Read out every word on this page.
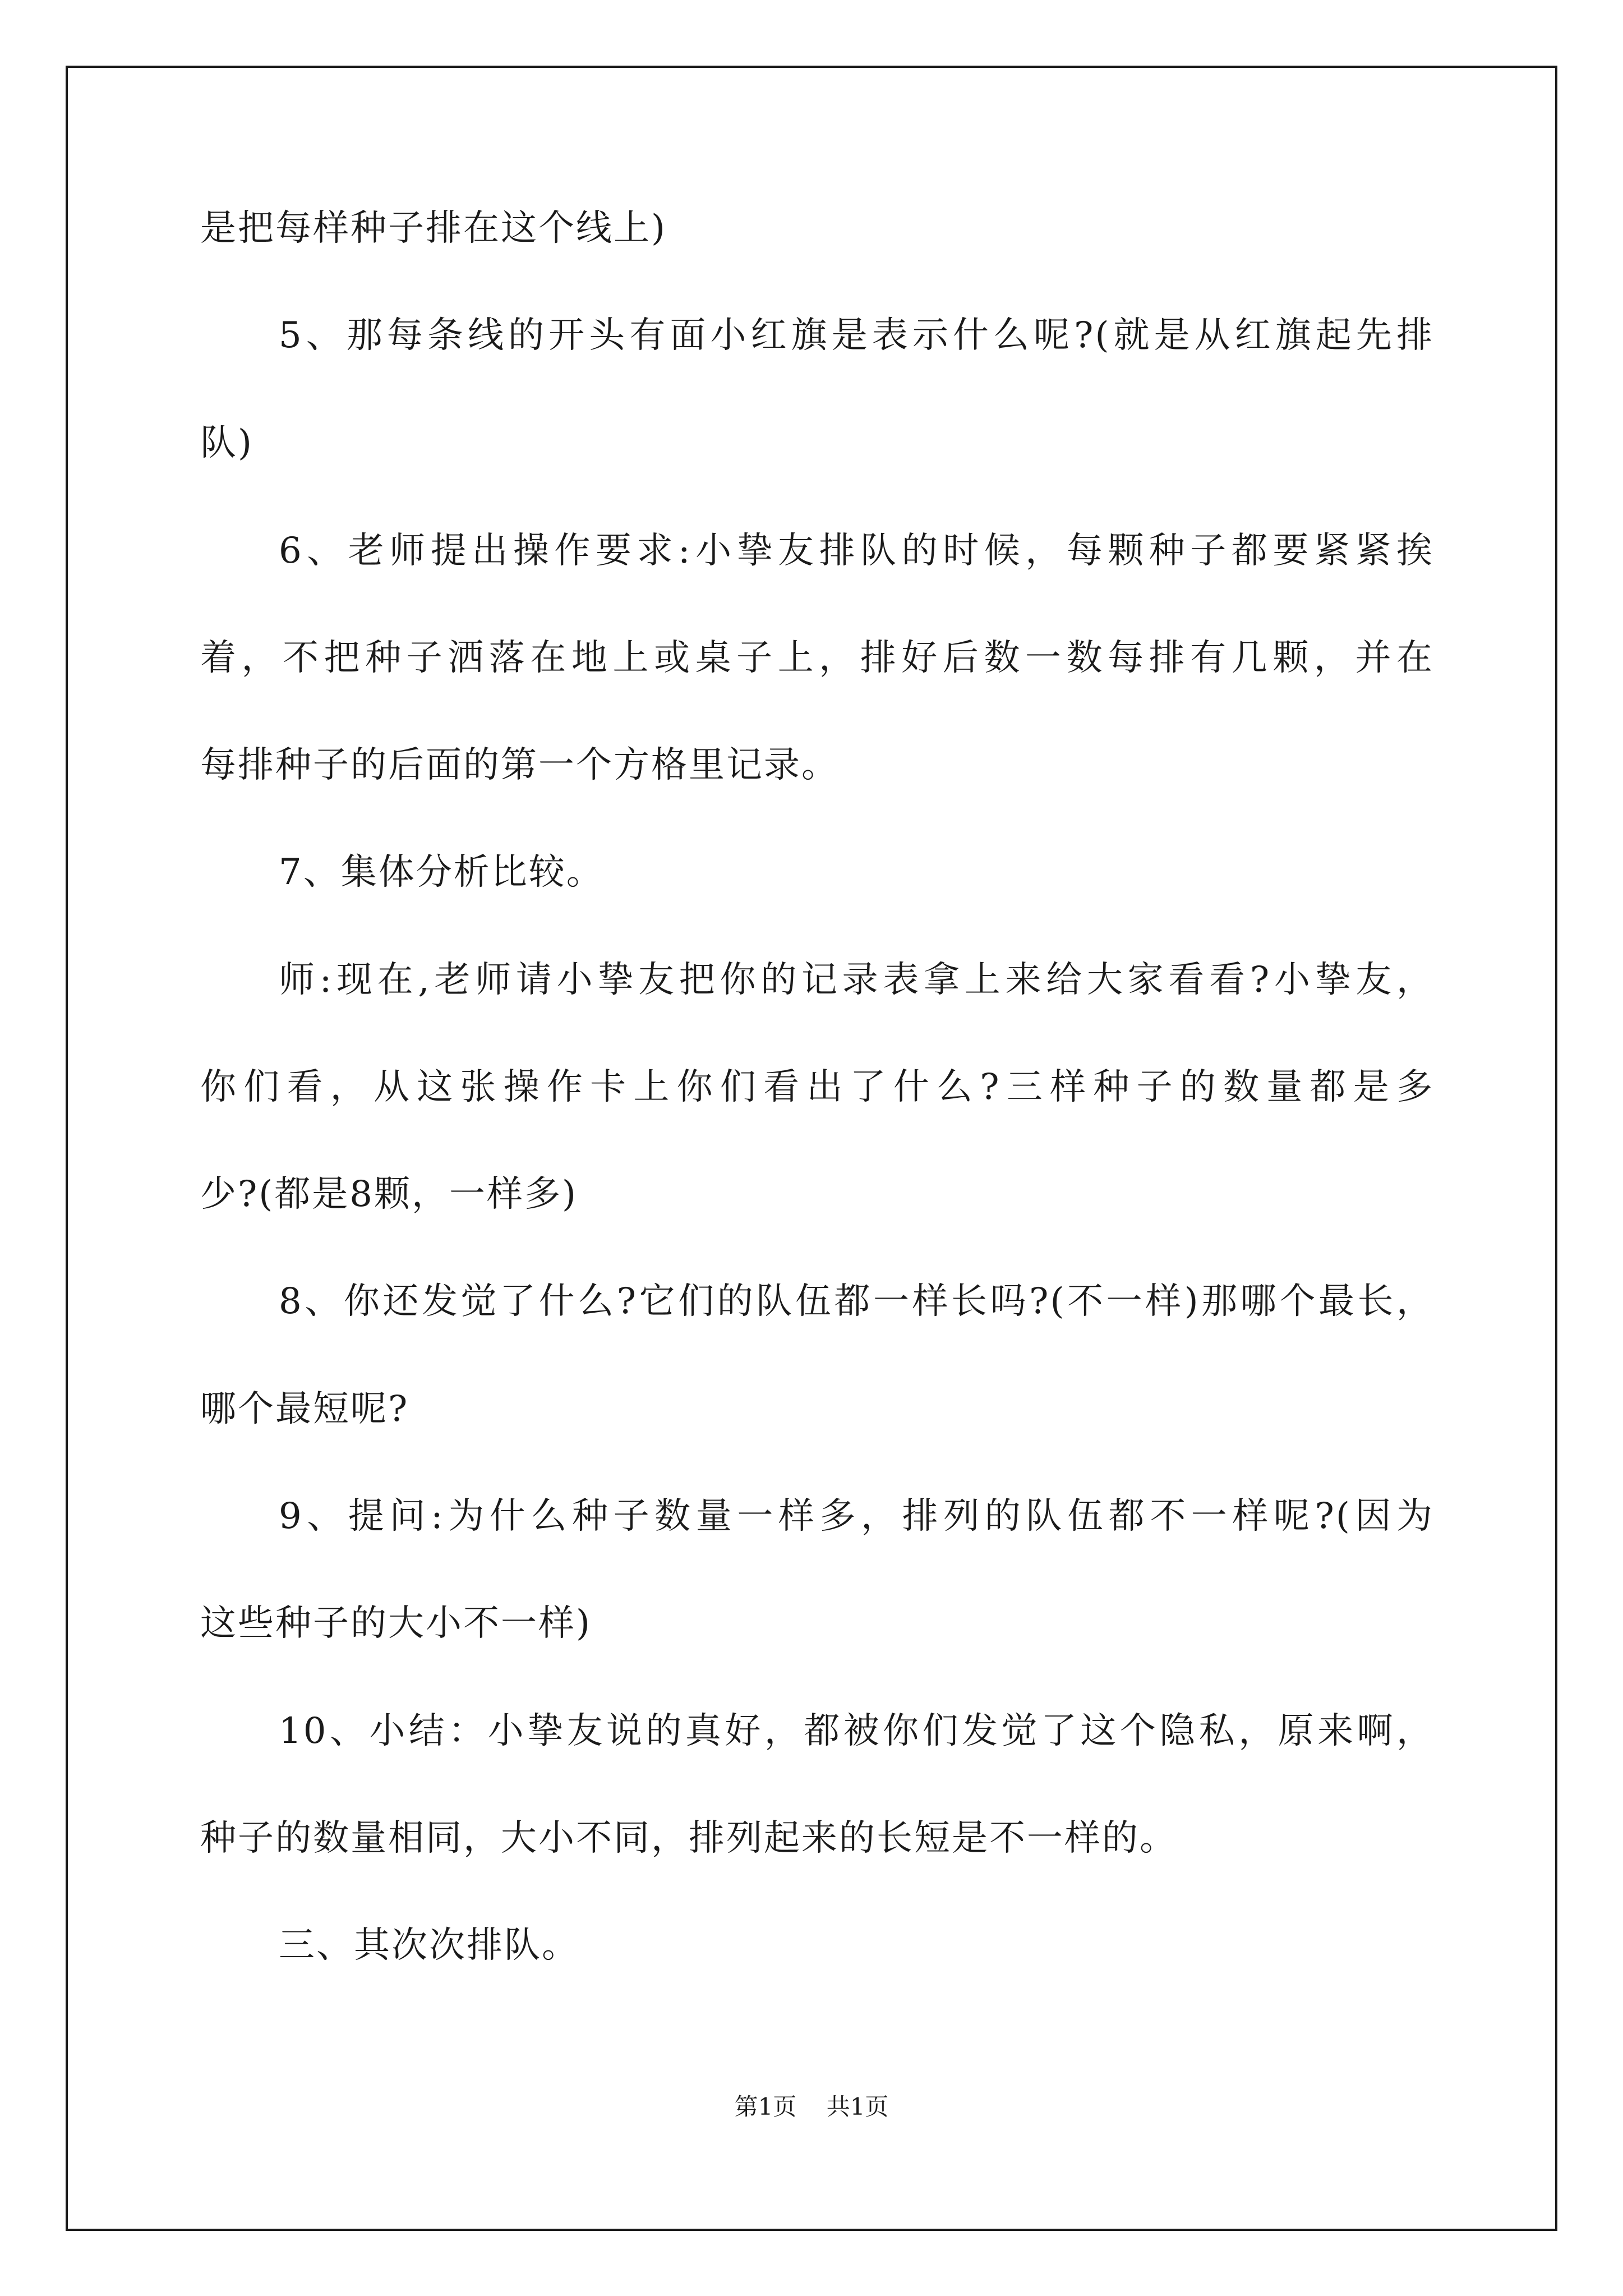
是把每样种子排在这个线上)
5、那每条线的开头有面小红旗是表示什么呢?(就是从红旗起先排
队)
6、老师提出操作要求:小挚友排队的时候，每颗种子都要紧紧挨
着，不把种子洒落在地上或桌子上，排好后数一数每排有几颗，并在
每排种子的后面的第一个方格里记录。
7、集体分析比较。
师:现在,老师请小挚友把你的记录表拿上来给大家看看?小挚友，
你们看，从这张操作卡上你们看出了什么?三样种子的数量都是多
少?(都是8颗，一样多)
8、你还发觉了什么?它们的队伍都一样长吗?(不一样)那哪个最长，
哪个最短呢?
9、提问:为什么种子数量一样多，排列的队伍都不一样呢?(因为
这些种子的大小不一样)
10、小结：小挚友说的真好，都被你们发觉了这个隐私，原来啊，
种子的数量相同，大小不同，排列起来的长短是不一样的。
三、其次次排队。
第1页 共1页
